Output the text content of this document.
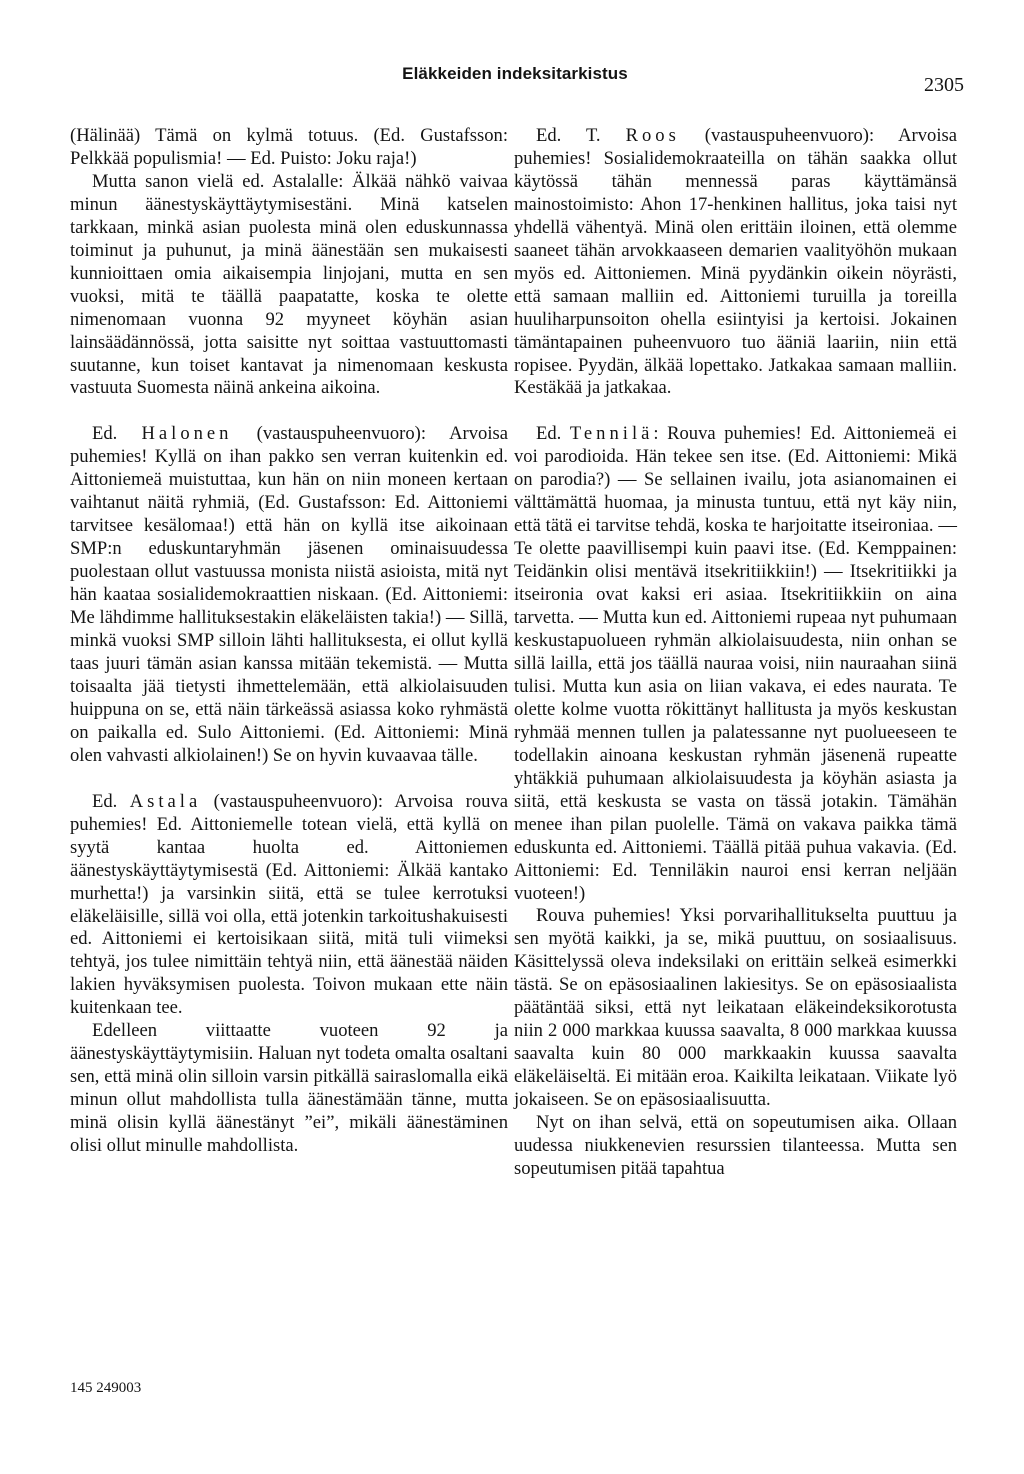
Eläkkeiden indeksitarkistus
2305

(Hälinää) Tämä on kylmä totuus. (Ed. Gustafsson: Pelkkää populismia! — Ed. Puisto: Joku raja!)

Mutta sanon vielä ed. Astalalle: Älkää nähkö vaivaa minun äänestyskäyttäytymisestäni. Minä katselen tarkkaan, minkä asian puolesta minä olen eduskunnassa toiminut ja puhunut, ja minä äänestään sen mukaisesti kunnioittaen omia aikaisempia linjojani, mutta en sen vuoksi, mitä te täällä paapatatte, koska te olette nimenomaan vuonna 92 myyneet köyhän asian lainsäädännössä, jotta saisitte nyt soittaa vastuuttomasti suutanne, kun toiset kantavat ja nimenomaan keskusta vastuuta Suomesta näinä ankeina aikoina.

Ed. Halonen (vastauspuheenvuoro): Arvoisa puhemies! Kyllä on ihan pakko sen verran kuitenkin ed. Aittoniemeä muistuttaa, kun hän on niin moneen kertaan vaihtanut näitä ryhmiä, (Ed. Gustafsson: Ed. Aittoniemi tarvitsee kesälomaa!) että hän on kyllä itse aikoinaan SMP:n eduskuntaryhmän jäsenen ominaisuudessa puolestaan ollut vastuussa monista niistä asioista, mitä nyt hän kaataa sosialidemokraattien niskaan. (Ed. Aittoniemi: Me lähdimme hallituksestakin eläkeläisten takia!) — Sillä, minkä vuoksi SMP silloin lähti hallituksesta, ei ollut kyllä taas juuri tämän asian kanssa mitään tekemistä. — Mutta toisaalta jää tietysti ihmettelemään, että alkiolaisuuden huippuna on se, että näin tärkeässä asiassa koko ryhmästä on paikalla ed. Sulo Aittoniemi. (Ed. Aittoniemi: Minä olen vahvasti alkiolainen!) Se on hyvin kuvaavaa tälle.

Ed. Astala (vastauspuheenvuoro): Arvoisa rouva puhemies! Ed. Aittoniemelle totean vielä, että kyllä on syytä kantaa huolta ed. Aittoniemen äänestyskäyttäytymisestä (Ed. Aittoniemi: Älkää kantako murhetta!) ja varsinkin siitä, että se tulee kerrotuksi eläkeläisille, sillä voi olla, että jotenkin tarkoitushakuisesti ed. Aittoniemi ei kertoisikaan siitä, mitä tuli viimeksi tehtyä, jos tulee nimittäin tehtyä niin, että äänestää näiden lakien hyväksymisen puolesta. Toivon mukaan ette näin kuitenkaan tee.

Edelleen viittaatte vuoteen 92 ja äänestyskäyttäytymisiin. Haluan nyt todeta omalta osaltani sen, että minä olin silloin varsin pitkällä sairaslomalla eikä minun ollut mahdollista tulla äänestämään tänne, mutta minä olisin kyllä äänestänyt ”ei”, mikäli äänestäminen olisi ollut minulle mahdollista.

Ed. T. Roos (vastauspuheenvuoro): Arvoisa puhemies! Sosialidemokraateilla on tähän saakka ollut käytössä tähän mennessä paras käyttämänsä mainostoimisto: Ahon 17-henkinen hallitus, joka taisi nyt yhdellä vähentyä. Minä olen erittäin iloinen, että olemme saaneet tähän arvokkaaseen demarien vaalityöhön mukaan myös ed. Aittoniemen. Minä pyydänkin oikein nöyrästi, että samaan malliin ed. Aittoniemi turuilla ja toreilla huuliharpunsoiton ohella esiintyisi ja kertoisi. Jokainen tämäntapainen puheenvuoro tuo ääniä laariin, niin että ropisee. Pyydän, älkää lopettako. Jatkakaa samaan malliin. Kestäkää ja jatkakaa.

Ed. Tennilä: Rouva puhemies! Ed. Aittoniemeä ei voi parodioida. Hän tekee sen itse. (Ed. Aittoniemi: Mikä on parodia?) — Se sellainen ivailu, jota asianomainen ei välttämättä huomaa, ja minusta tuntuu, että nyt käy niin, että tätä ei tarvitse tehdä, koska te harjoitatte itseironiaa. — Te olette paavillisempi kuin paavi itse. (Ed. Kemppainen: Teidänkin olisi mentävä itsekritiikkiin!) — Itsekritiikki ja itseironia ovat kaksi eri asiaa. Itsekritiikkiin on aina tarvetta. — Mutta kun ed. Aittoniemi rupeaa nyt puhumaan keskustapuolueen ryhmän alkiolaisuudesta, niin onhan se sillä lailla, että jos täällä nauraa voisi, niin nauraahan siinä tulisi. Mutta kun asia on liian vakava, ei edes naurata. Te olette kolme vuotta rökittänyt hallitusta ja myös keskustan ryhmää mennen tullen ja palatessanne nyt puolueeseen te todellakin ainoana keskustan ryhmän jäsenenä rupeatte yhtäkkiä puhumaan alkiolaisuudesta ja köyhän asiasta ja siitä, että keskusta se vasta on tässä jotakin. Tämähän menee ihan pilan puolelle. Tämä on vakava paikka tämä eduskunta ed. Aittoniemi. Täällä pitää puhua vakavia. (Ed. Aittoniemi: Ed. Tenniläkin nauroi ensi kerran neljään vuoteen!)

Rouva puhemies! Yksi porvarihallitukselta puuttuu ja sen myötä kaikki, ja se, mikä puuttuu, on sosiaalisuus. Käsittelyssä oleva indeksilaki on erittäin selkeä esimerkki tästä. Se on epäsosiaalinen lakiesitys. Se on epäsosiaalista päätäntää siksi, että nyt leikataan eläkeindeksikorotusta niin 2 000 markkaa kuussa saavalta, 8 000 markkaa kuussa saavalta kuin 80 000 markkaakin kuussa saavalta eläkeläiseltä. Ei mitään eroa. Kaikilta leikataan. Viikate lyö jokaiseen. Se on epäsosiaalisuutta.

Nyt on ihan selvä, että on sopeutumisen aika. Ollaan uudessa niukkenevien resurssien tilanteessa. Mutta sen sopeutumisen pitää tapahtua

145 249003
